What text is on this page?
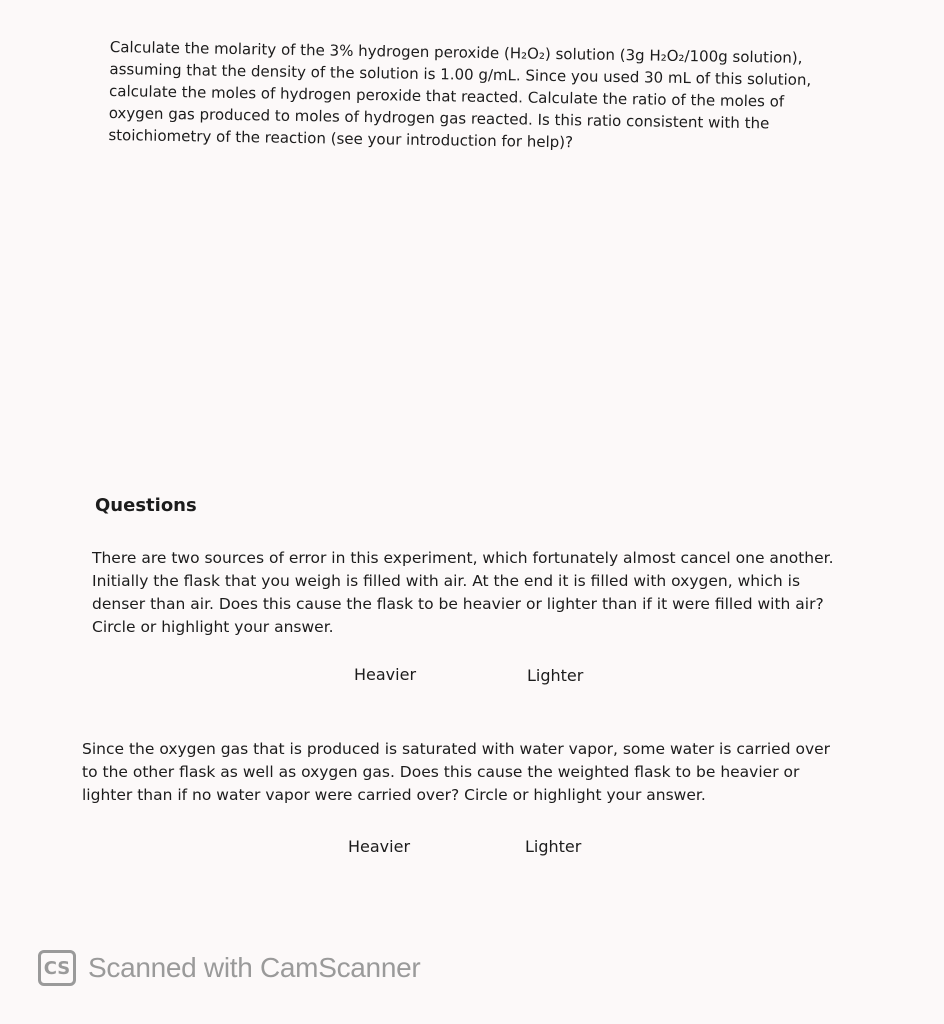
Calculate the molarity of the 3% hydrogen peroxide (H₂O₂) solution (3g H₂O₂/100g solution),
assuming that the density of the solution is 1.00 g/mL. Since you used 30 mL of this solution,
calculate the moles of hydrogen peroxide that reacted. Calculate the ratio of the moles of
oxygen gas produced to moles of hydrogen gas reacted. Is this ratio consistent with the
stoichiometry of the reaction (see your introduction for help)?
Questions
There are two sources of error in this experiment, which fortunately almost cancel one another.
Initially the flask that you weigh is filled with air. At the end it is filled with oxygen, which is
denser than air. Does this cause the flask to be heavier or lighter than if it were filled with air?
Circle or highlight your answer.
Heavier	Lighter
Since the oxygen gas that is produced is saturated with water vapor, some water is carried over
to the other flask as well as oxygen gas. Does this cause the weighted flask to be heavier or
lighter than if no water vapor were carried over? Circle or highlight your answer.
Heavier	Lighter
CS Scanned with CamScanner
